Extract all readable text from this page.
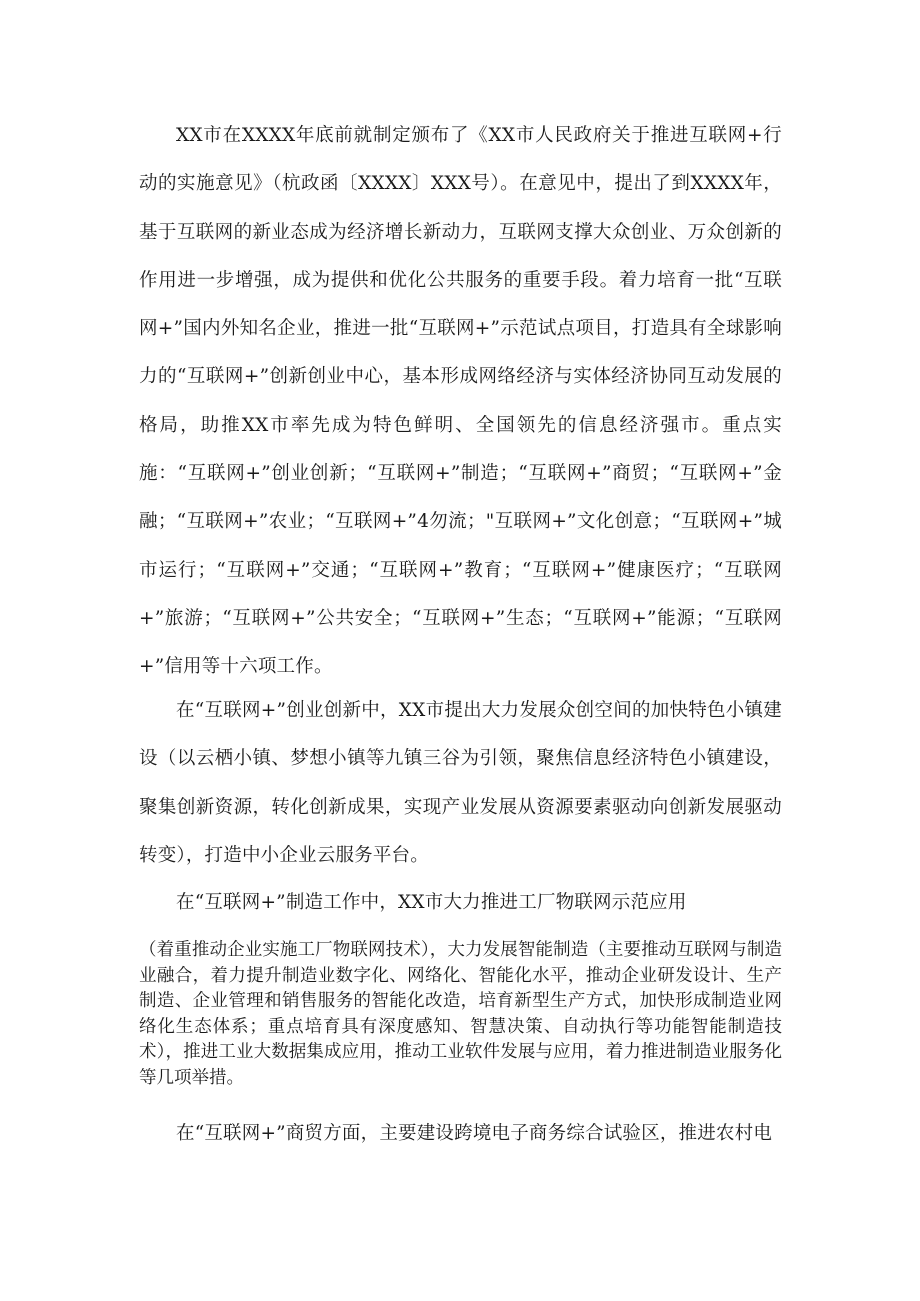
XX市在XXXX年底前就制定颁布了《XX市人民政府关于推进互联网+行动的实施意见》（杭政函〔XXXX〕XXX号）。在意见中，提出了到XXXX年，基于互联网的新业态成为经济增长新动力，互联网支撑大众创业、万众创新的作用进一步增强，成为提供和优化公共服务的重要手段。着力培育一批“互联网+”国内外知名企业，推进一批“互联网+”示范试点项目，打造具有全球影响力的“互联网+”创新创业中心，基本形成网络经济与实体经济协同互动发展的格局，助推XX市率先成为特色鲜明、全国领先的信息经济强市。重点实施：“互联网+”创业创新；“互联网+”制造；“互联网+”商贸；“互联网+”金融；“互联网+”农业；“互联网+”4勿流；"互联网+”文化创意；“互联网+”城市运行；“互联网+”交通；“互联网+”教育；“互联网+”健康医疗；“互联网+”旅游；“互联网+”公共安全；“互联网+”生态；“互联网+”能源；“互联网+”信用等十六项工作。

在“互联网+”创业创新中，XX市提出大力发展众创空间的加快特色小镇建设（以云栖小镇、梦想小镇等九镇三谷为引领，聚焦信息经济特色小镇建设，聚集创新资源，转化创新成果，实现产业发展从资源要素驱动向创新发展驱动转变），打造中小企业云服务平台。

在“互联网+”制造工作中，XX市大力推进工厂物联网示范应用

（着重推动企业实施工厂物联网技术），大力发展智能制造（主要推动互联网与制造业融合，着力提升制造业数字化、网络化、智能化水平，推动企业研发设计、生产制造、企业管理和销售服务的智能化改造，培育新型生产方式，加快形成制造业网络化生态体系；重点培育具有深度感知、智慧决策、自动执行等功能智能制造技术），推进工业大数据集成应用，推动工业软件发展与应用，着力推进制造业服务化等几项举措。

在“互联网+”商贸方面，主要建设跨境电子商务综合试验区，推进农村电
